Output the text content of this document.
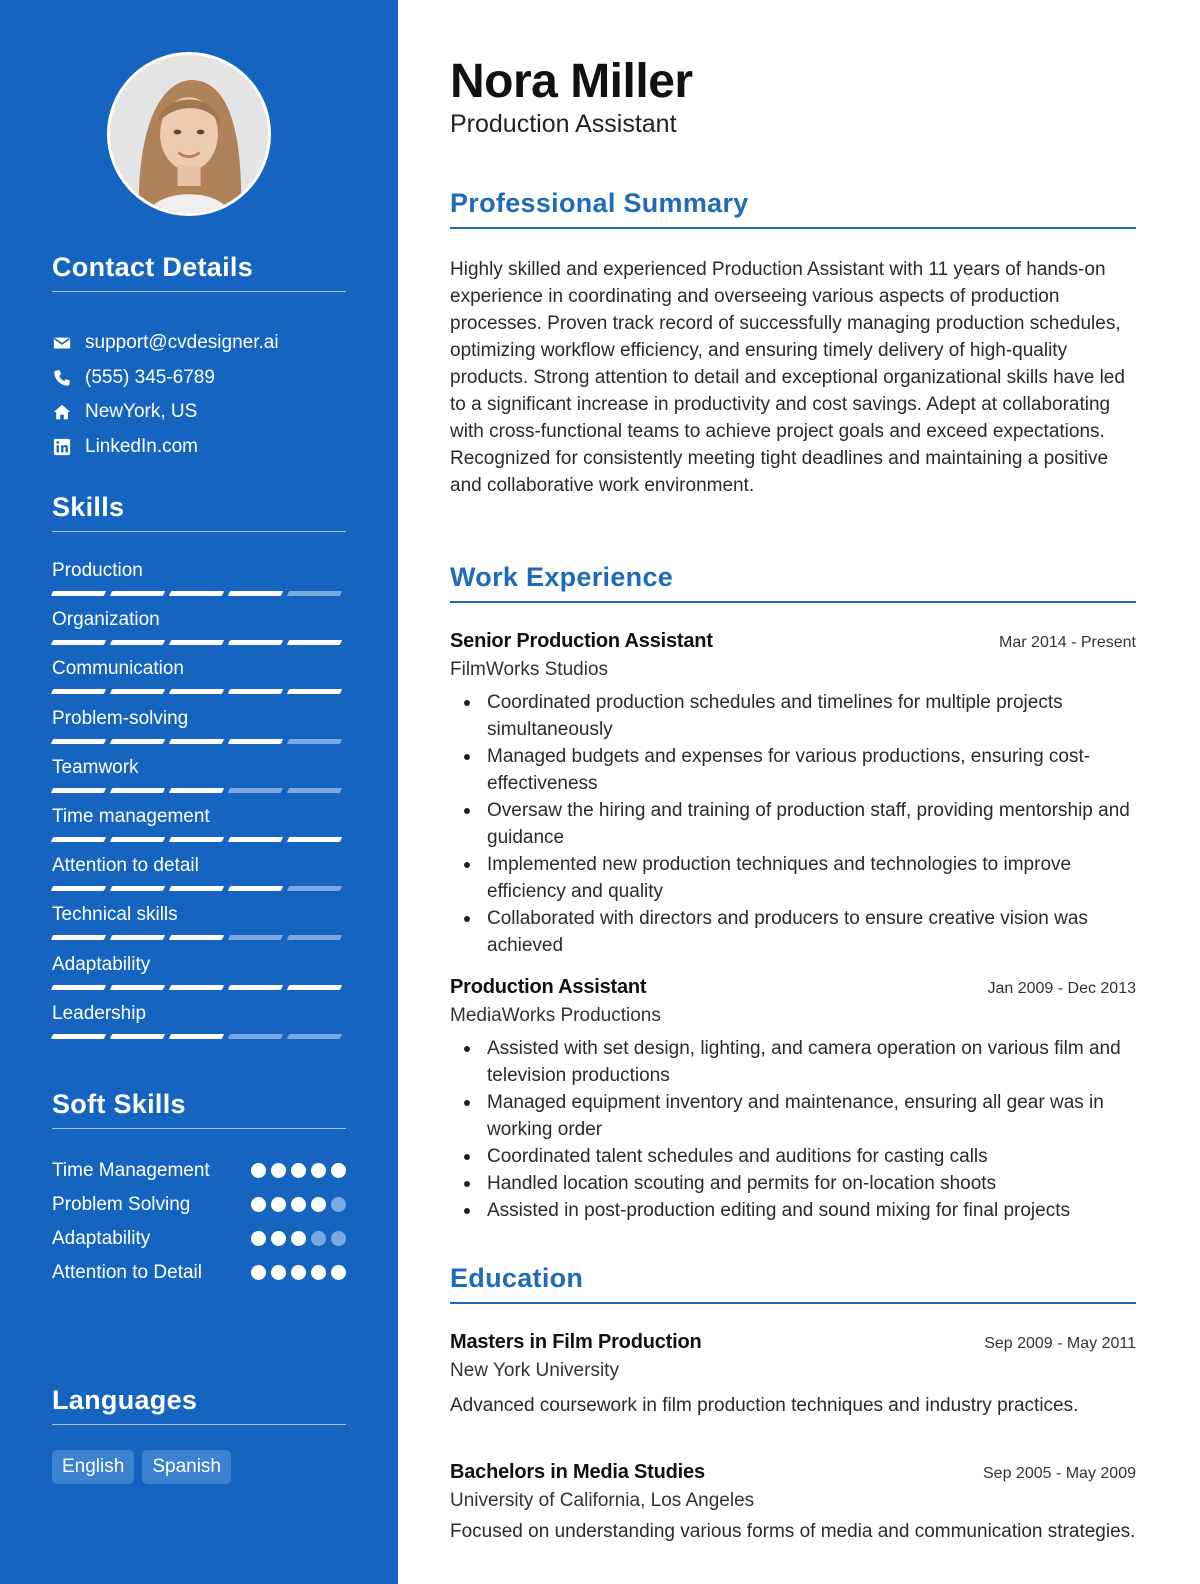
Contact Details
support@cvdesigner.ai
(555) 345-6789
NewYork, US
LinkedIn.com
Skills
Production
Organization
Communication
Problem-solving
Teamwork
Time management
Attention to detail
Technical skills
Adaptability
Leadership
Soft Skills
Time Management
Problem Solving
Adaptability
Attention to Detail
Languages
English	Spanish
Nora Miller
Production Assistant
Professional Summary

Highly skilled and experienced Production Assistant with 11 years of hands-on experience in coordinating and overseeing various aspects of production processes. Proven track record of successfully managing production schedules, optimizing workflow efficiency, and ensuring timely delivery of high-quality products. Strong attention to detail and exceptional organizational skills have led to a significant increase in productivity and cost savings. Adept at collaborating with cross-functional teams to achieve project goals and exceed expectations. Recognized for consistently meeting tight deadlines and maintaining a positive and collaborative work environment.

Work Experience
Senior Production Assistant	Mar 2014 - Present
FilmWorks Studios
Coordinated production schedules and timelines for multiple projects simultaneously
Managed budgets and expenses for various productions, ensuring cost-effectiveness
Oversaw the hiring and training of production staff, providing mentorship and guidance
Implemented new production techniques and technologies to improve efficiency and quality
Collaborated with directors and producers to ensure creative vision was achieved
Production Assistant	Jan 2009 - Dec 2013
MediaWorks Productions
Assisted with set design, lighting, and camera operation on various film and television productions
Managed equipment inventory and maintenance, ensuring all gear was in working order
Coordinated talent schedules and auditions for casting calls
Handled location scouting and permits for on-location shoots
Assisted in post-production editing and sound mixing for final projects
Education
Masters in Film Production	Sep 2009 - May 2011
New York University

Advanced coursework in film production techniques and industry practices.

Bachelors in Media Studies	Sep 2005 - May 2009
University of California, Los Angeles

Focused on understanding various forms of media and communication strategies.
